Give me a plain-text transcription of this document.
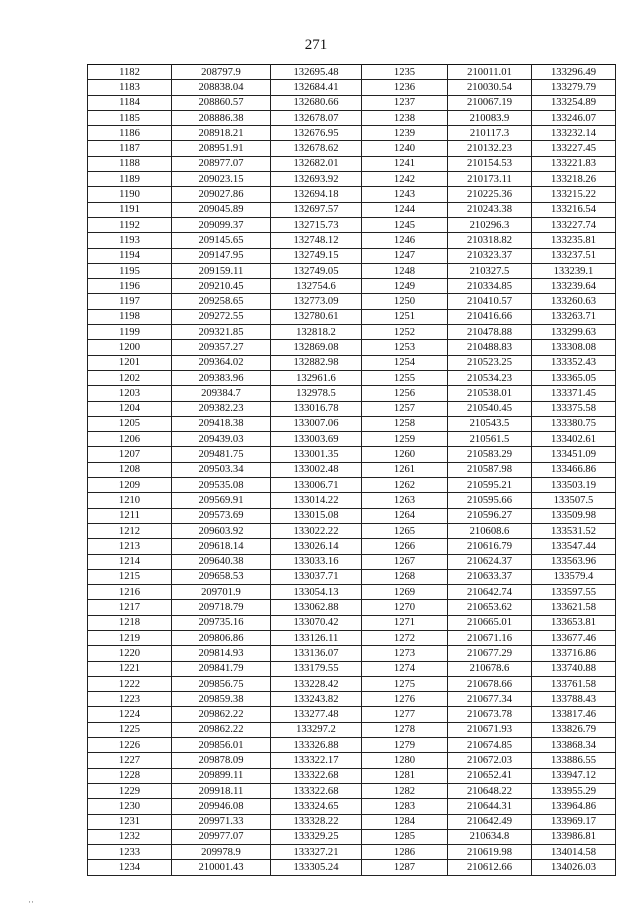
271
1182	208797.9	132695.48	1235	210011.01	133296.49
1183	208838.04	132684.41	1236	210030.54	133279.79
1184	208860.57	132680.66	1237	210067.19	133254.89
1185	208886.38	132678.07	1238	210083.9	133246.07
1186	208918.21	132676.95	1239	210117.3	133232.14
1187	208951.91	132678.62	1240	210132.23	133227.45
1188	208977.07	132682.01	1241	210154.53	133221.83
1189	209023.15	132693.92	1242	210173.11	133218.26
1190	209027.86	132694.18	1243	210225.36	133215.22
1191	209045.89	132697.57	1244	210243.38	133216.54
1192	209099.37	132715.73	1245	210296.3	133227.74
1193	209145.65	132748.12	1246	210318.82	133235.81
1194	209147.95	132749.15	1247	210323.37	133237.51
1195	209159.11	132749.05	1248	210327.5	133239.1
1196	209210.45	132754.6	1249	210334.85	133239.64
1197	209258.65	132773.09	1250	210410.57	133260.63
1198	209272.55	132780.61	1251	210416.66	133263.71
1199	209321.85	132818.2	1252	210478.88	133299.63
1200	209357.27	132869.08	1253	210488.83	133308.08
1201	209364.02	132882.98	1254	210523.25	133352.43
1202	209383.96	132961.6	1255	210534.23	133365.05
1203	209384.7	132978.5	1256	210538.01	133371.45
1204	209382.23	133016.78	1257	210540.45	133375.58
1205	209418.38	133007.06	1258	210543.5	133380.75
1206	209439.03	133003.69	1259	210561.5	133402.61
1207	209481.75	133001.35	1260	210583.29	133451.09
1208	209503.34	133002.48	1261	210587.98	133466.86
1209	209535.08	133006.71	1262	210595.21	133503.19
1210	209569.91	133014.22	1263	210595.66	133507.5
1211	209573.69	133015.08	1264	210596.27	133509.98
1212	209603.92	133022.22	1265	210608.6	133531.52
1213	209618.14	133026.14	1266	210616.79	133547.44
1214	209640.38	133033.16	1267	210624.37	133563.96
1215	209658.53	133037.71	1268	210633.37	133579.4
1216	209701.9	133054.13	1269	210642.74	133597.55
1217	209718.79	133062.88	1270	210653.62	133621.58
1218	209735.16	133070.42	1271	210665.01	133653.81
1219	209806.86	133126.11	1272	210671.16	133677.46
1220	209814.93	133136.07	1273	210677.29	133716.86
1221	209841.79	133179.55	1274	210678.6	133740.88
1222	209856.75	133228.42	1275	210678.66	133761.58
1223	209859.38	133243.82	1276	210677.34	133788.43
1224	209862.22	133277.48	1277	210673.78	133817.46
1225	209862.22	133297.2	1278	210671.93	133826.79
1226	209856.01	133326.88	1279	210674.85	133868.34
1227	209878.09	133322.17	1280	210672.03	133886.55
1228	209899.11	133322.68	1281	210652.41	133947.12
1229	209918.11	133322.68	1282	210648.22	133955.29
1230	209946.08	133324.65	1283	210644.31	133964.86
1231	209971.33	133328.22	1284	210642.49	133969.17
1232	209977.07	133329.25	1285	210634.8	133986.81
1233	209978.9	133327.21	1286	210619.98	134014.58
1234	210001.43	133305.24	1287	210612.66	134026.03
··
